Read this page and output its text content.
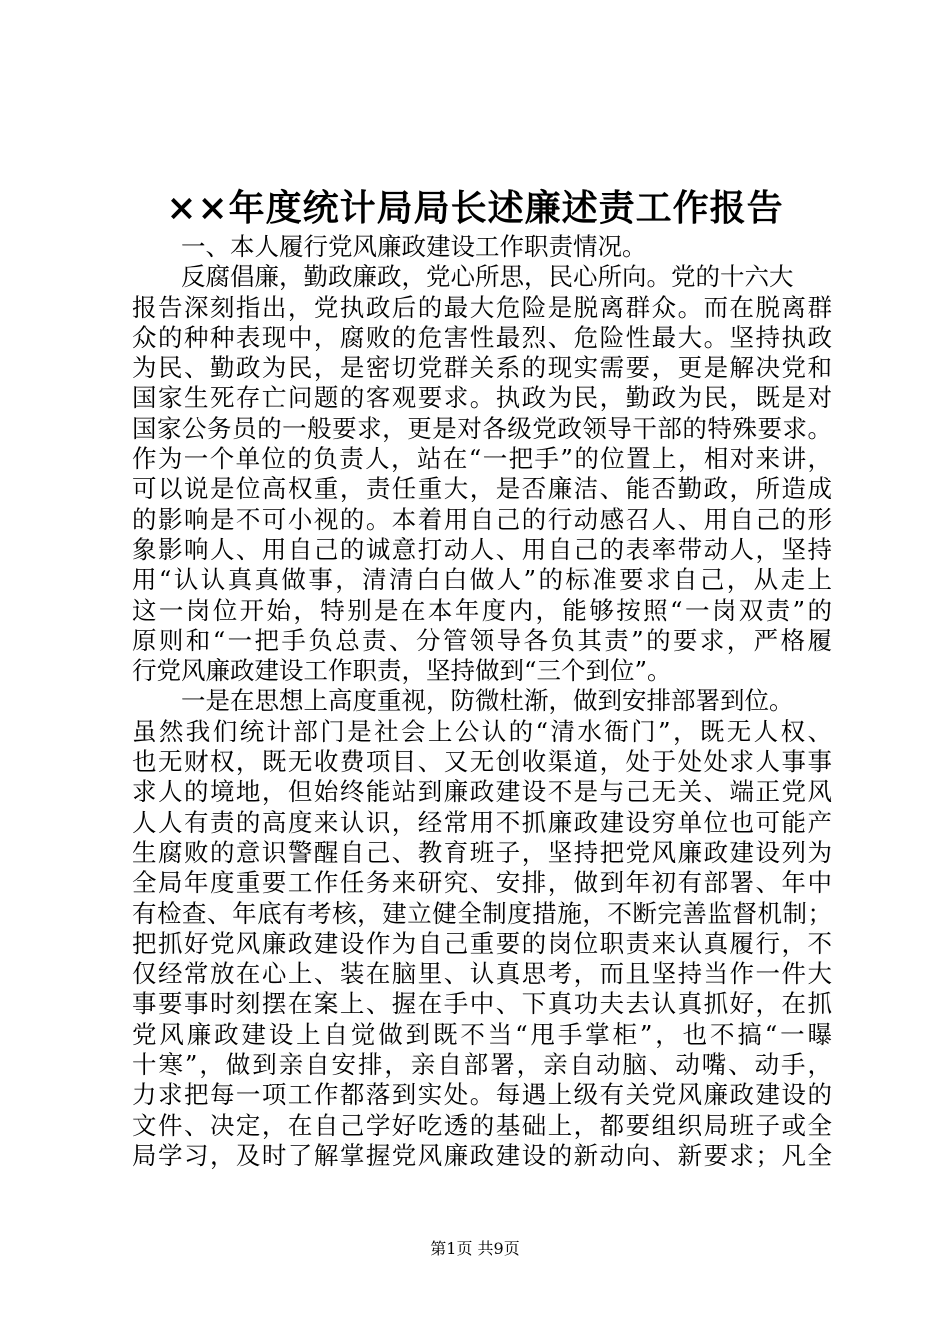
××年度统计局局长述廉述责工作报告
一、本人履行党风廉政建设工作职责情况。
反腐倡廉，勤政廉政，党心所思，民心所向。党的十六大
报告深刻指出，党执政后的最大危险是脱离群众。而在脱离群
众的种种表现中，腐败的危害性最烈、危险性最大。坚持执政
为民、勤政为民，是密切党群关系的现实需要，更是解决党和
国家生死存亡问题的客观要求。执政为民，勤政为民，既是对
国家公务员的一般要求，更是对各级党政领导干部的特殊要求。
作为一个单位的负责人，站在“一把手”的位置上，相对来讲，
可以说是位高权重，责任重大，是否廉洁、能否勤政，所造成
的影响是不可小视的。本着用自己的行动感召人、用自己的形
象影响人、用自己的诚意打动人、用自己的表率带动人，坚持
用“认认真真做事，清清白白做人”的标准要求自己，从走上
这一岗位开始，特别是在本年度内，能够按照“一岗双责”的
原则和“一把手负总责、分管领导各负其责”的要求，严格履
行党风廉政建设工作职责，坚持做到“三个到位”。
一是在思想上高度重视，防微杜渐，做到安排部署到位。
虽然我们统计部门是社会上公认的“清水衙门”，既无人权、
也无财权，既无收费项目、又无创收渠道，处于处处求人事事
求人的境地，但始终能站到廉政建设不是与己无关、端正党风
人人有责的高度来认识，经常用不抓廉政建设穷单位也可能产
生腐败的意识警醒自己、教育班子，坚持把党风廉政建设列为
全局年度重要工作任务来研究、安排，做到年初有部署、年中
有检查、年底有考核，建立健全制度措施，不断完善监督机制；
把抓好党风廉政建设作为自己重要的岗位职责来认真履行，不
仅经常放在心上、装在脑里、认真思考，而且坚持当作一件大
事要事时刻摆在案上、握在手中、下真功夫去认真抓好，在抓
党风廉政建设上自觉做到既不当“甩手掌柜”，也不搞“一曝
十寒”，做到亲自安排，亲自部署，亲自动脑、动嘴、动手，
力求把每一项工作都落到实处。每遇上级有关党风廉政建设的
文件、决定，在自己学好吃透的基础上，都要组织局班子或全
局学习，及时了解掌握党风廉政建设的新动向、新要求；凡全
第1页 共9页
